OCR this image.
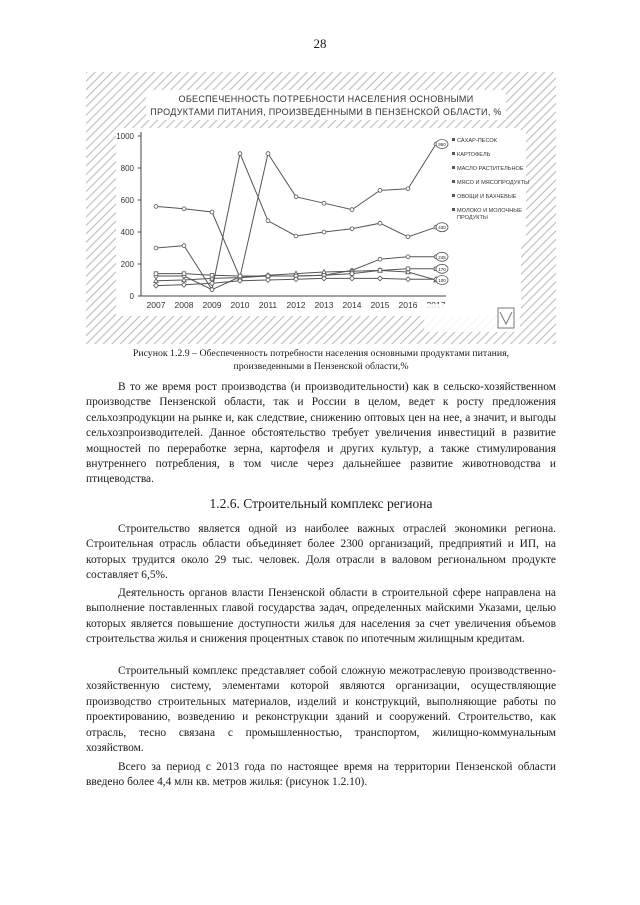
28
ОБЕСПЕЧЕННОСТЬ ПОТРЕБНОСТИ НАСЕЛЕНИЯ ОСНОВНЫМИ
ПРОДУКТАМИ ПИТАНИЯ, ПРОИЗВЕДЕННЫМИ В ПЕНЗЕНСКОЙ ОБЛАСТИ, %
0
200
400
600
800
1000
2007 2008 2009 2010 2011 2012 2013 2014 2015 2016
430
950
245
100
170
САХАР-ПЕСОК
КАРТОФЕЛЬ
МАСЛО РАСТИТЕЛЬНОЕ
МЯСО И МЯСОПРОДУКТЫ
ОВОЩИ И БАХЧЕВЫЕ
МОЛОКО И МОЛОЧНЫЕ
ПРОДУКТЫ
Рисунок 1.2.9 – Обеспеченность потребности населения основными продуктами питания,
произведенными в Пензенской области,%

В то же время рост производства (и производительности) как в сельско-хозяйственном производстве Пензенской области, так и России в целом, ведет к росту предложения сельхозпродукции на рынке и, как следствие, снижению оптовых цен на нее, а значит, и выгоды сельхозпроизводителей. Данное обстоятельство требует увеличения инвестиций в развитие мощностей по переработке зерна, картофеля и других культур, а также стимулирования внутреннего потребления, в том числе через дальнейшее развитие животноводства и птицеводства.

1.2.6. Строительный комплекс региона

Строительство является одной из наиболее важных отраслей экономики региона. Строительная отрасль области объединяет более 2300 организаций, предприятий и ИП, на которых трудится около 29 тыс. человек. Доля отрасли в валовом региональном продукте составляет 6,5%.

Деятельность органов власти Пензенской области в строительной сфере направлена на выполнение поставленных главой государства задач, определенных майскими Указами, целью которых является повышение доступности жилья для населения за счет увеличения объемов строительства жилья и снижения процентных ставок по ипотечным жилищным кредитам.

Строительный комплекс представляет собой сложную межотраслевую производственно-хозяйственную систему, элементами которой являются организации, осуществляющие производство строительных материалов, изделий и конструкций, выполняющие работы по проектированию, возведению и реконструкции зданий и сооружений. Строительство, как отрасль, тесно связана с промышленностью, транспортом, жилищно-коммунальным хозяйством.

Всего за период с 2013 года по настоящее время на территории Пензенской области введено более 4,4 млн кв. метров жилья: (рисунок 1.2.10).
